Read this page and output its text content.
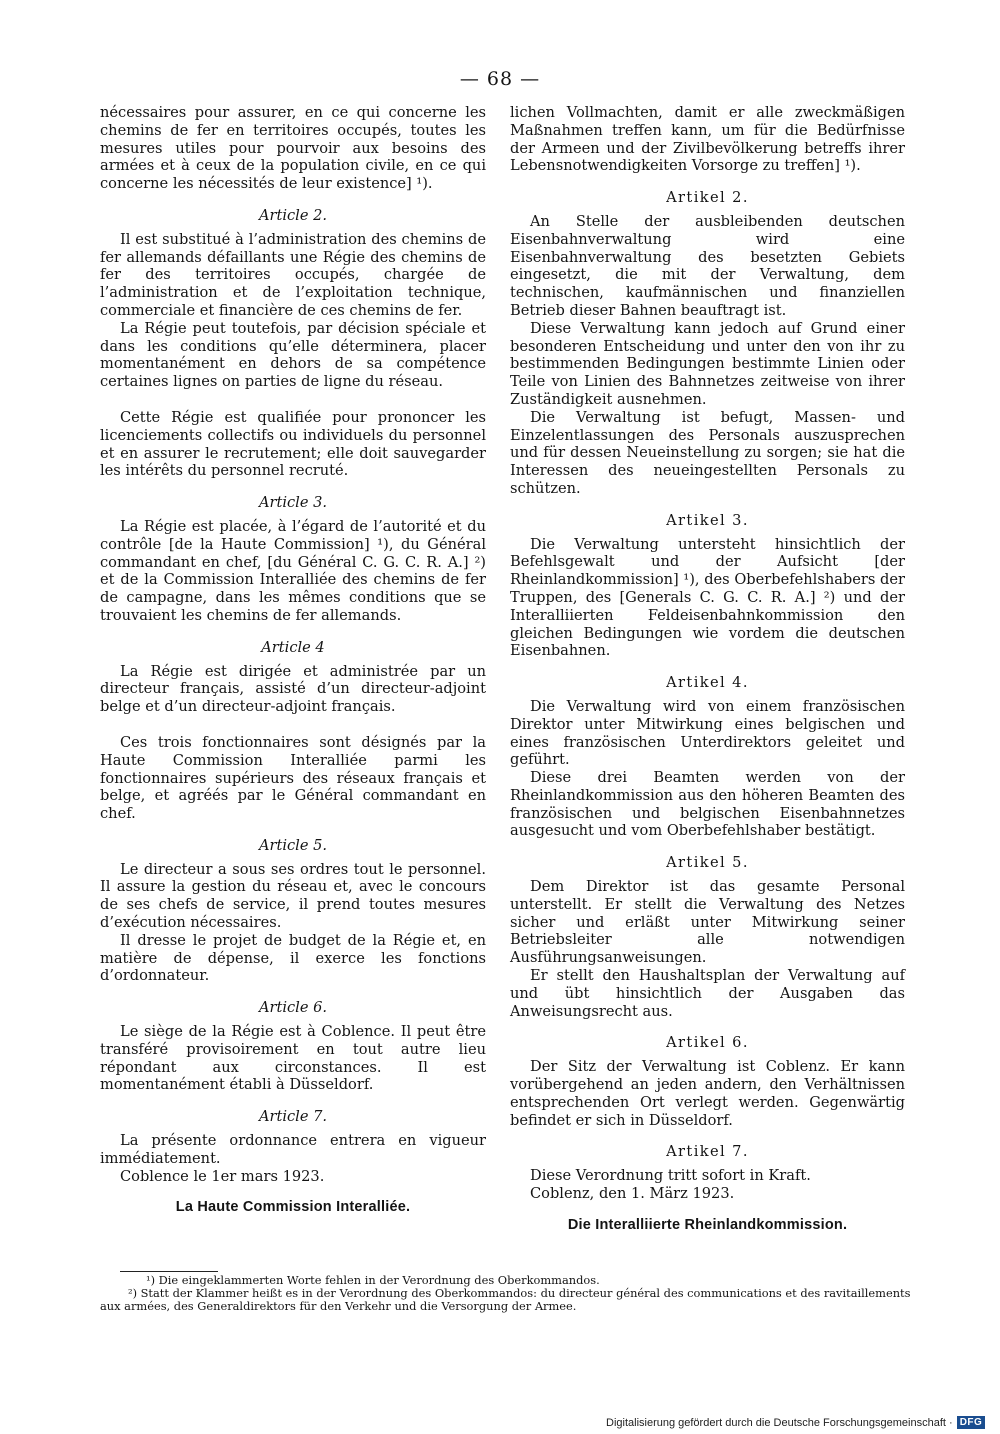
— 68 —

nécessaires pour assurer, en ce qui concerne les chemins de fer en territoires occupés, toutes les mesures utiles pour pourvoir aux besoins des armées et à ceux de la population civile, en ce qui concerne les nécessités de leur existence] ¹).

Article 2.

Il est substitué à l’administration des chemins de fer allemands défaillants une Régie des chemins de fer des territoires occupés, chargée de l’administration et de l’exploitation technique, commerciale et financière de ces chemins de fer.

La Régie peut toutefois, par décision spéciale et dans les conditions qu’elle déterminera, placer momentanément en dehors de sa compétence certaines lignes on parties de ligne du réseau.

Cette Régie est qualifiée pour prononcer les licenciements collectifs ou individuels du personnel et en assurer le recrutement; elle doit sauvegarder les intérêts du personnel recruté.

Article 3.

La Régie est placée, à l’égard de l’autorité et du contrôle [de la Haute Commission] ¹), du Général commandant en chef, [du Général C. G. C. R. A.] ²) et de la Commission Interalliée des chemins de fer de campagne, dans les mêmes conditions que se trouvaient les chemins de fer allemands.

Article 4

La Régie est dirigée et administrée par un directeur français, assisté d’un directeur-adjoint belge et d’un directeur-adjoint français.

Ces trois fonctionnaires sont désignés par la Haute Commission Interalliée parmi les fonctionnaires supérieurs des réseaux français et belge, et agréés par le Général commandant en chef.

Article 5.

Le directeur a sous ses ordres tout le personnel. Il assure la gestion du réseau et, avec le concours de ses chefs de service, il prend toutes mesures d’exécution nécessaires.

Il dresse le projet de budget de la Régie et, en matière de dépense, il exerce les fonctions d’ordonnateur.

Article 6.

Le siège de la Régie est à Coblence. Il peut être transféré provisoirement en tout autre lieu répondant aux circonstances. Il est momentanément établi à Düsseldorf.

Article 7.

La présente ordonnance entrera en vigueur immédiatement.

Coblence le 1er mars 1923.

La Haute Commission Interalliée.

lichen Vollmachten, damit er alle zweckmäßigen Maßnahmen treffen kann, um für die Bedürfnisse der Armeen und der Zivilbevölkerung betreffs ihrer Lebensnotwendigkeiten Vorsorge zu treffen] ¹).

Artikel 2.

An Stelle der ausbleibenden deutschen Eisenbahnverwaltung wird eine Eisenbahnverwaltung des besetzten Gebiets eingesetzt, die mit der Verwaltung, dem technischen, kaufmännischen und finanziellen Betrieb dieser Bahnen beauftragt ist.

Diese Verwaltung kann jedoch auf Grund einer besonderen Entscheidung und unter den von ihr zu bestimmenden Bedingungen bestimmte Linien oder Teile von Linien des Bahnnetzes zeitweise von ihrer Zuständigkeit ausnehmen.

Die Verwaltung ist befugt, Massen- und Einzelentlassungen des Personals auszusprechen und für dessen Neueinstellung zu sorgen; sie hat die Interessen des neueingestellten Personals zu schützen.

Artikel 3.

Die Verwaltung untersteht hinsichtlich der Befehlsgewalt und der Aufsicht [der Rheinlandkommission] ¹), des Oberbefehlshabers der Truppen, des [Generals C. G. C. R. A.] ²) und der Interalliierten Feldeisenbahnkommission den gleichen Bedingungen wie vordem die deutschen Eisenbahnen.

Artikel 4.

Die Verwaltung wird von einem französischen Direktor unter Mitwirkung eines belgischen und eines französischen Unterdirektors geleitet und geführt.

Diese drei Beamten werden von der Rheinlandkommission aus den höheren Beamten des französischen und belgischen Eisenbahnnetzes ausgesucht und vom Oberbefehlshaber bestätigt.

Artikel 5.

Dem Direktor ist das gesamte Personal unterstellt. Er stellt die Verwaltung des Netzes sicher und erläßt unter Mitwirkung seiner Betriebsleiter alle notwendigen Ausführungsanweisungen.

Er stellt den Haushaltsplan der Verwaltung auf und übt hinsichtlich der Ausgaben das Anweisungsrecht aus.

Artikel 6.

Der Sitz der Verwaltung ist Coblenz. Er kann vorübergehend an jeden andern, den Verhältnissen entsprechenden Ort verlegt werden. Gegenwärtig befindet er sich in Düsseldorf.

Artikel 7.

Diese Verordnung tritt sofort in Kraft.

Coblenz, den 1. März 1923.

Die Interalliierte Rheinlandkommission.

¹) Die eingeklammerten Worte fehlen in der Verordnung des Oberkommandos.

²) Statt der Klammer heißt es in der Verordnung des Oberkommandos: du directeur général des communications et des ravitaillements aux armées, des Generaldirektors für den Verkehr und die Versorgung der Armee.

Digitalisierung gefördert durch die Deutsche Forschungsgemeinschaft · DFG
